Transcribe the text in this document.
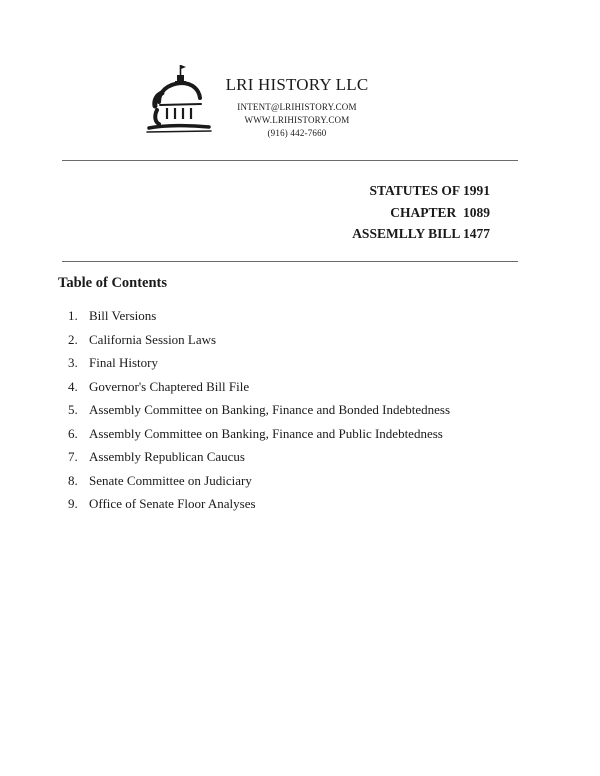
LRI HISTORY LLC
INTENT@LRIHISTORY.COM
WWW.LRIHISTORY.COM
(916) 442-7660
STATUTES OF 1991
CHAPTER  1089
ASSEMLLY BILL 1477
Table of Contents
1. Bill Versions
2. California Session Laws
3. Final History
4. Governor's Chaptered Bill File
5. Assembly Committee on Banking, Finance and Bonded Indebtedness
6. Assembly Committee on Banking, Finance and Public Indebtedness
7. Assembly Republican Caucus
8. Senate Committee on Judiciary
9. Office of Senate Floor Analyses
